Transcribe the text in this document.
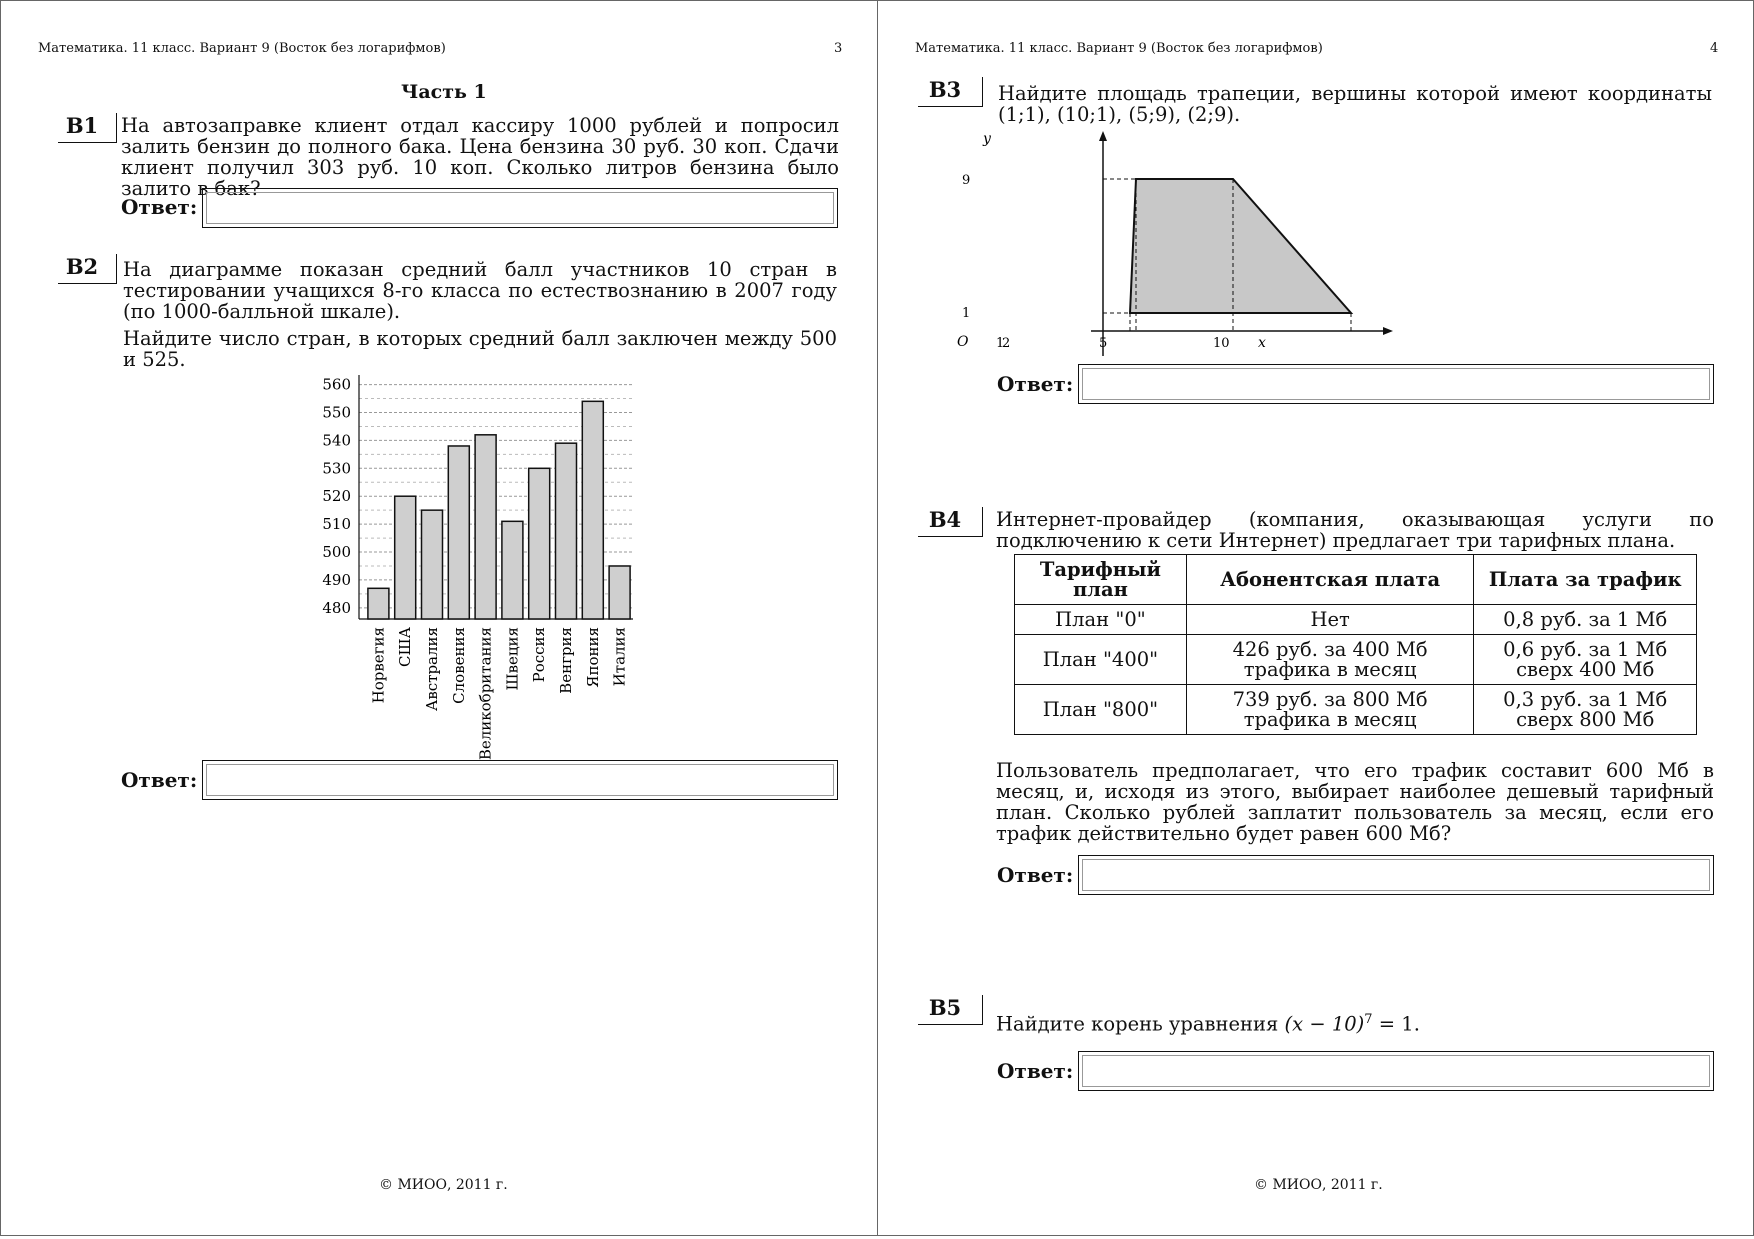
Математика. 11 класс. Вариант 9 (Восток без логарифмов)	3
Часть 1
B1	На автозаправке клиент отдал кассиру 1000 рублей и попросил залить бензин до полного бака. Цена бензина 30 руб. 30 коп. Сдачи клиент получил 303 руб. 10 коп. Сколько литров бензина было залито в бак?
Ответ:
B2	На диаграмме показан средний балл участников 10 стран в тестировании учащихся 8-го класса по естествознанию в 2007 году (по 1000-балльной шкале).
Найдите число стран, в которых средний балл заключен между 500 и 525.
480
490
500
510
520
530
540
550
560
Норвегия США Австралия Словения Великобритания Швеция Россия Венгрия Япония Италия
Ответ:
© МИОО, 2011 г.
Математика. 11 класс. Вариант 9 (Восток без логарифмов)	4
B3	Найдите площадь трапеции, вершины которой имеют координаты (1;1), (10;1), (5;9), (2;9).
y
x
O
9
1
1
2	5	10
Ответ:
B4	Интернет-провайдер (компания, оказывающая услуги по подключению к сети Интернет) предлагает три тарифных плана.
Тарифный план	Абонентская плата	Плата за трафик
План "0"	Нет	0,8 руб. за 1 Мб
План "400"	426 руб. за 400 Мб трафика в месяц	0,6 руб. за 1 Мб сверх 400 Мб
План "800"	739 руб. за 800 Мб трафика в месяц	0,3 руб. за 1 Мб сверх 800 Мб
Пользователь предполагает, что его трафик составит 600 Мб в месяц, и, исходя из этого, выбирает наиболее дешевый тарифный план. Сколько рублей заплатит пользователь за месяц, если его трафик действительно будет равен 600 Мб?
Ответ:
B5
Найдите корень уравнения $(x - 10)^7 = 1$.
Ответ:
© МИОО, 2011 г.
